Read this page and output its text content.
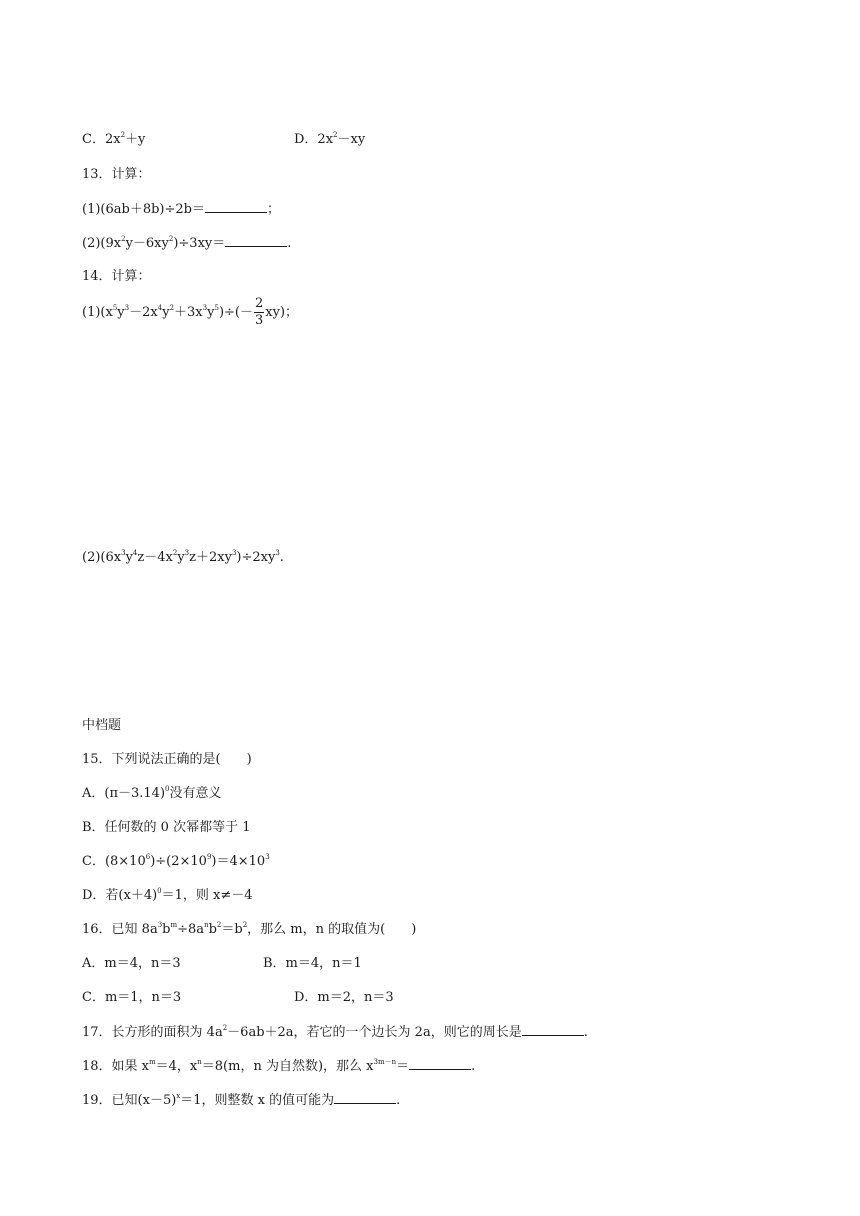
C．$2x^2+y$	D．$2x^2-xy$
13．计算：
(1)(6ab＋8b)÷2b＝	；
$(2)(9x^2y-6xy^2)\div 3xy=$	.
14．计算：
$(1)(x^5y^3-2x^4y^2+3x^3y^5)\div(- \frac{2}{3} xy)$；
$(2)(6x^3y^4z-4x^2y^3z+2xy^3)\div 2xy^3$.
中档题
15．下列说法正确的是(　　)
A．$(\pi-3.14)^0$没有意义
B．任何数的 0 次幂都等于 1
C．$(8\times 10^6)\div(2\times 10^9)=4\times 10^3$
D．若$(x+4)^0=1$，则 x≠－4
16．已知 $8a^3b^m\div 8a^nb^2=b^2$，那么 m，n 的取值为(　　)
A．m＝4，n＝3	B．m＝4，n＝1
C．m＝1，n＝3	D．m＝2，n＝3
17．长方形的面积为 $4a^2-6ab+2a$，若它的一个边长为 2a，则它的周长是	.
18．如果 $x^m=4$，$x^n=8(m$，n 为自然数)，那么 $x^{3m-n}=$	.
19．已知$(x-5)^x=1$，则整数 x 的值可能为	.
